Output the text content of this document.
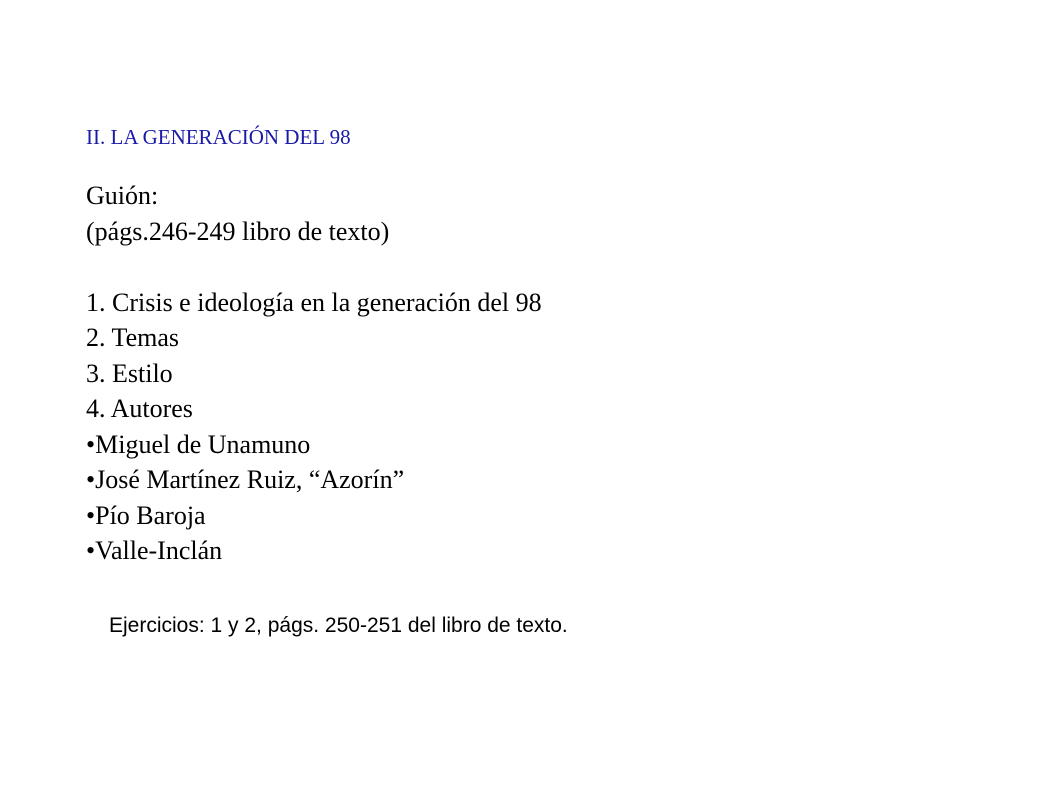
II. LA GENERACIÓN DEL 98
Guión:
(págs.246-249 libro de texto)
1. Crisis e ideología en la generación del 98
2. Temas
3. Estilo
4. Autores
•Miguel de Unamuno
•José Martínez Ruiz, “Azorín”
•Pío Baroja
•Valle-Inclán
Ejercicios: 1 y 2, págs. 250-251 del libro de texto.
